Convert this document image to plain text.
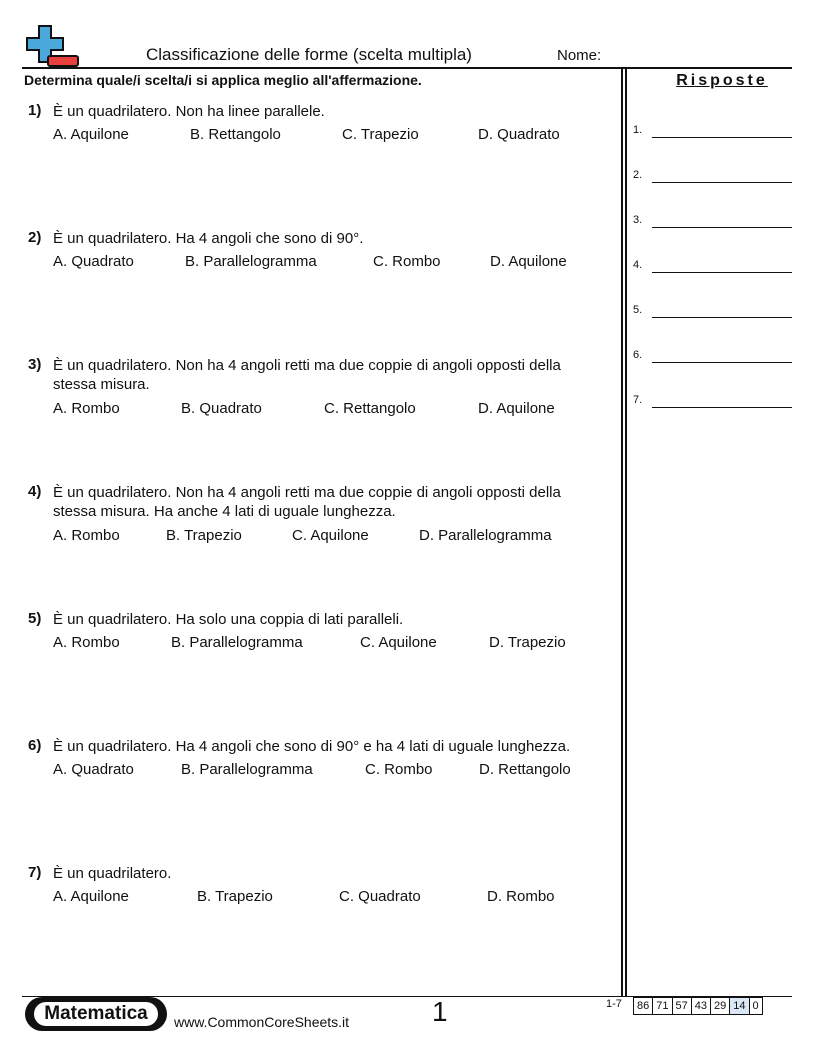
Classificazione delle forme (scelta multipla)	Nome:
Determina quale/i scelta/i si applica meglio all'affermazione.	Risposte
1.
2.
3.
4.
5.
6.
7.
1) È un quadrilatero. Non ha linee parallele.
A. Aquilone	B. Rettangolo	C. Trapezio	D. Quadrato
2) È un quadrilatero. Ha 4 angoli che sono di 90°.
A. Quadrato	B. Parallelogramma	C. Rombo	D. Aquilone
3) È un quadrilatero. Non ha 4 angoli retti ma due coppie di angoli opposti della stessa misura.
A. Rombo	B. Quadrato	C. Rettangolo	D. Aquilone
4) È un quadrilatero. Non ha 4 angoli retti ma due coppie di angoli opposti della stessa misura. Ha anche 4 lati di uguale lunghezza.
A. Rombo	B. Trapezio	C. Aquilone	D. Parallelogramma
5) È un quadrilatero. Ha solo una coppia di lati paralleli.
A. Rombo	B. Parallelogramma	C. Aquilone	D. Trapezio
6) È un quadrilatero. Ha 4 angoli che sono di 90° e ha 4 lati di uguale lunghezza.
A. Quadrato	B. Parallelogramma	C. Rombo	D. Rettangolo
7) È un quadrilatero.
A. Aquilone	B. Trapezio	C. Quadrato	D. Rombo
Matematica	www.CommonCoreSheets.it	1	1-7 86 71 57 43 29 14 0
